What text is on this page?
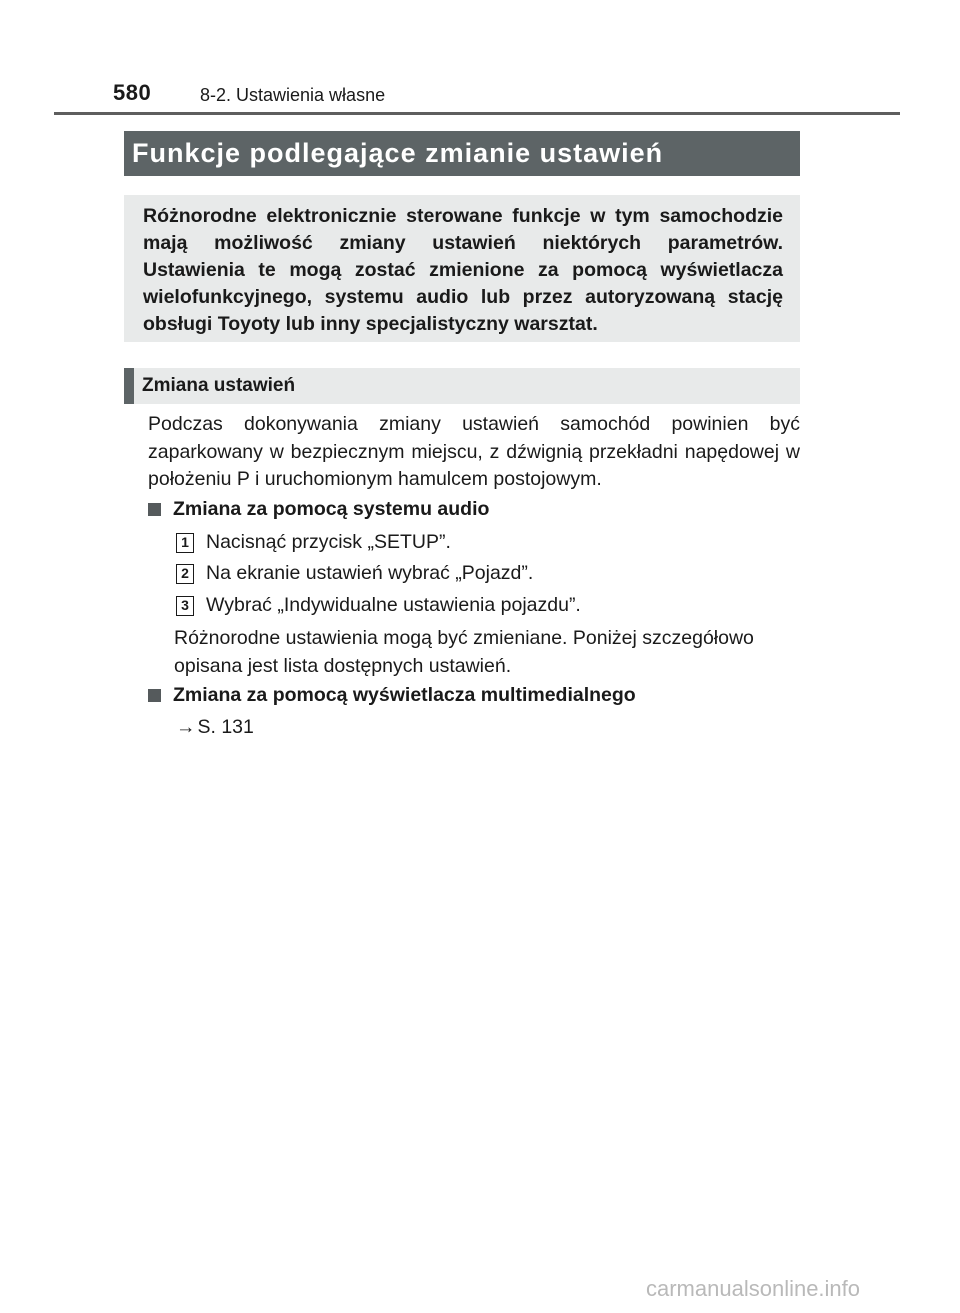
580	8-2. Ustawienia własne
Funkcje podlegające zmianie ustawień

Różnorodne elektronicznie sterowane funkcje w tym samochodzie mają możliwość zmiany ustawień niektórych parametrów. Ustawienia te mogą zostać zmienione za pomocą wyświetlacza wielofunkcyjnego, systemu audio lub przez autoryzowaną stację obsługi Toyoty lub inny specjalistyczny warsztat.

Zmiana ustawień

Podczas dokonywania zmiany ustawień samochód powinien być zaparkowany w bezpiecznym miejscu, z dźwignią przekładni napędowej w położeniu P i uruchomionym hamulcem postojowym.

Zmiana za pomocą systemu audio
1 Nacisnąć przycisk „SETUP”.
2 Na ekranie ustawień wybrać „Pojazd”.
3 Wybrać „Indywidualne ustawienia pojazdu”.

Różnorodne ustawienia mogą być zmieniane. Poniżej szczegółowo opisana jest lista dostępnych ustawień.

Zmiana za pomocą wyświetlacza multimedialnego
→ S. 131
carmanualsonline.info
